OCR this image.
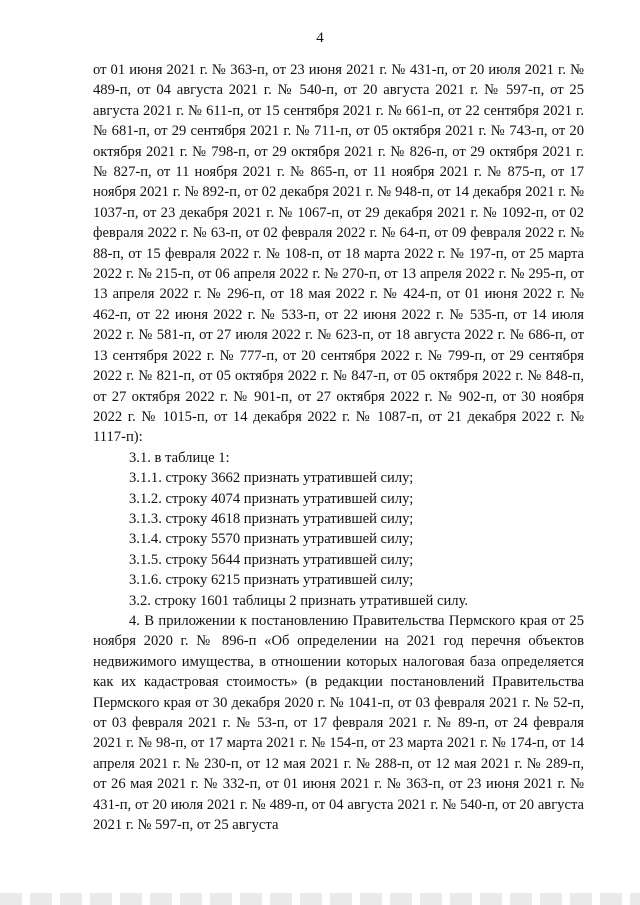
4

от 01 июня 2021 г. № 363-п, от 23 июня 2021 г. № 431-п, от 20 июля 2021 г. № 489-п, от 04 августа 2021 г. № 540-п, от 20 августа 2021 г. № 597-п, от 25 августа 2021 г. № 611-п, от 15 сентября 2021 г. № 661-п, от 22 сентября 2021 г. № 681-п, от 29 сентября 2021 г. № 711-п, от 05 октября 2021 г. № 743-п, от 20 октября 2021 г. № 798-п, от 29 октября 2021 г. № 826-п, от 29 октября 2021 г. № 827-п, от 11 ноября 2021 г. № 865-п, от 11 ноября 2021 г. № 875-п, от 17 ноября 2021 г. № 892-п, от 02 декабря 2021 г. № 948-п, от 14 декабря 2021 г. № 1037-п, от 23 декабря 2021 г. № 1067-п, от 29 декабря 2021 г. № 1092-п, от 02 февраля 2022 г. № 63-п, от 02 февраля 2022 г. № 64-п, от 09 февраля 2022 г. № 88-п, от 15 февраля 2022 г. № 108-п, от 18 марта 2022 г. № 197-п, от 25 марта 2022 г. № 215-п, от 06 апреля 2022 г. № 270-п, от 13 апреля 2022 г. № 295-п, от 13 апреля 2022 г. № 296-п, от 18 мая 2022 г. № 424-п, от 01 июня 2022 г. № 462-п, от 22 июня 2022 г. № 533-п, от 22 июня 2022 г. № 535-п, от 14 июля 2022 г. № 581-п, от 27 июля 2022 г. № 623-п, от 18 августа 2022 г. № 686-п, от 13 сентября 2022 г. № 777-п, от 20 сентября 2022 г. № 799-п, от 29 сентября 2022 г. № 821-п, от 05 октября 2022 г. № 847-п, от 05 октября 2022 г. № 848-п, от 27 октября 2022 г. № 901-п, от 27 октября 2022 г. № 902-п, от 30 ноября 2022 г. № 1015-п, от 14 декабря 2022 г. № 1087-п, от 21 декабря 2022 г. № 1117-п):

3.1. в таблице 1:

3.1.1. строку 3662 признать утратившей силу;

3.1.2. строку 4074 признать утратившей силу;

3.1.3. строку 4618 признать утратившей силу;

3.1.4. строку 5570 признать утратившей силу;

3.1.5. строку 5644 признать утратившей силу;

3.1.6. строку 6215 признать утратившей силу;

3.2. строку 1601 таблицы 2 признать утратившей силу.

4. В приложении к постановлению Правительства Пермского края от 25 ноября 2020 г. № 896-п «Об определении на 2021 год перечня объектов недвижимого имущества, в отношении которых налоговая база определяется как их кадастровая стоимость» (в редакции постановлений Правительства Пермского края от 30 декабря 2020 г. № 1041-п, от 03 февраля 2021 г. № 52-п, от 03 февраля 2021 г. № 53-п, от 17 февраля 2021 г. № 89-п, от 24 февраля 2021 г. № 98-п, от 17 марта 2021 г. № 154-п, от 23 марта 2021 г. № 174-п, от 14 апреля 2021 г. № 230-п, от 12 мая 2021 г. № 288-п, от 12 мая 2021 г. № 289-п, от 26 мая 2021 г. № 332-п, от 01 июня 2021 г. № 363-п, от 23 июня 2021 г. № 431-п, от 20 июля 2021 г. № 489-п, от 04 августа 2021 г. № 540-п, от 20 августа 2021 г. № 597-п, от 25 августа
